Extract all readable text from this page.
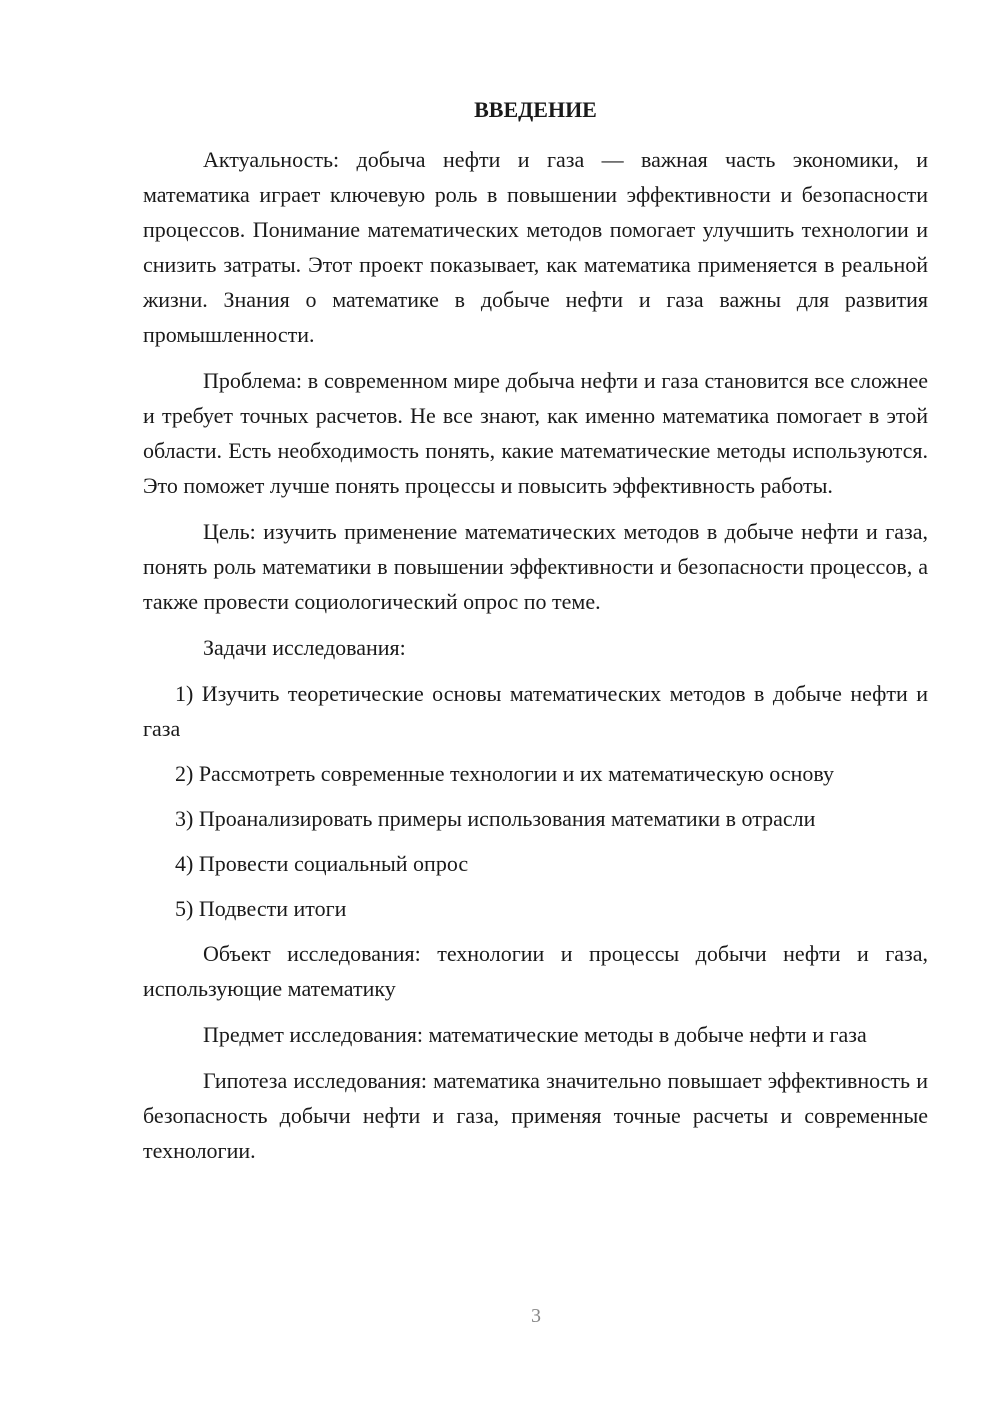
ВВЕДЕНИЕ

Актуальность: добыча нефти и газа — важная часть экономики, и математика играет ключевую роль в повышении эффективности и безопасности процессов. Понимание математических методов помогает улучшить технологии и снизить затраты. Этот проект показывает, как математика применяется в реальной жизни. Знания о математике в добыче нефти и газа важны для развития промышленности.

Проблема: в современном мире добыча нефти и газа становится все сложнее и требует точных расчетов. Не все знают, как именно математика помогает в этой области. Есть необходимость понять, какие математические методы используются. Это поможет лучше понять процессы и повысить эффективность работы.

Цель: изучить применение математических методов в добыче нефти и газа, понять роль математики в повышении эффективности и безопасности процессов, а также провести социологический опрос по теме.

Задачи исследования:

1) Изучить теоретические основы математических методов в добыче нефти и газа

2) Рассмотреть современные технологии и их математическую основу

3) Проанализировать примеры использования математики в отрасли

4) Провести социальный опрос

5) Подвести итоги

Объект исследования: технологии и процессы добычи нефти и газа, использующие математику

Предмет исследования: математические методы в добыче нефти и газа

Гипотеза исследования: математика значительно повышает эффективность и безопасность добычи нефти и газа, применяя точные расчеты и современные технологии.

3
